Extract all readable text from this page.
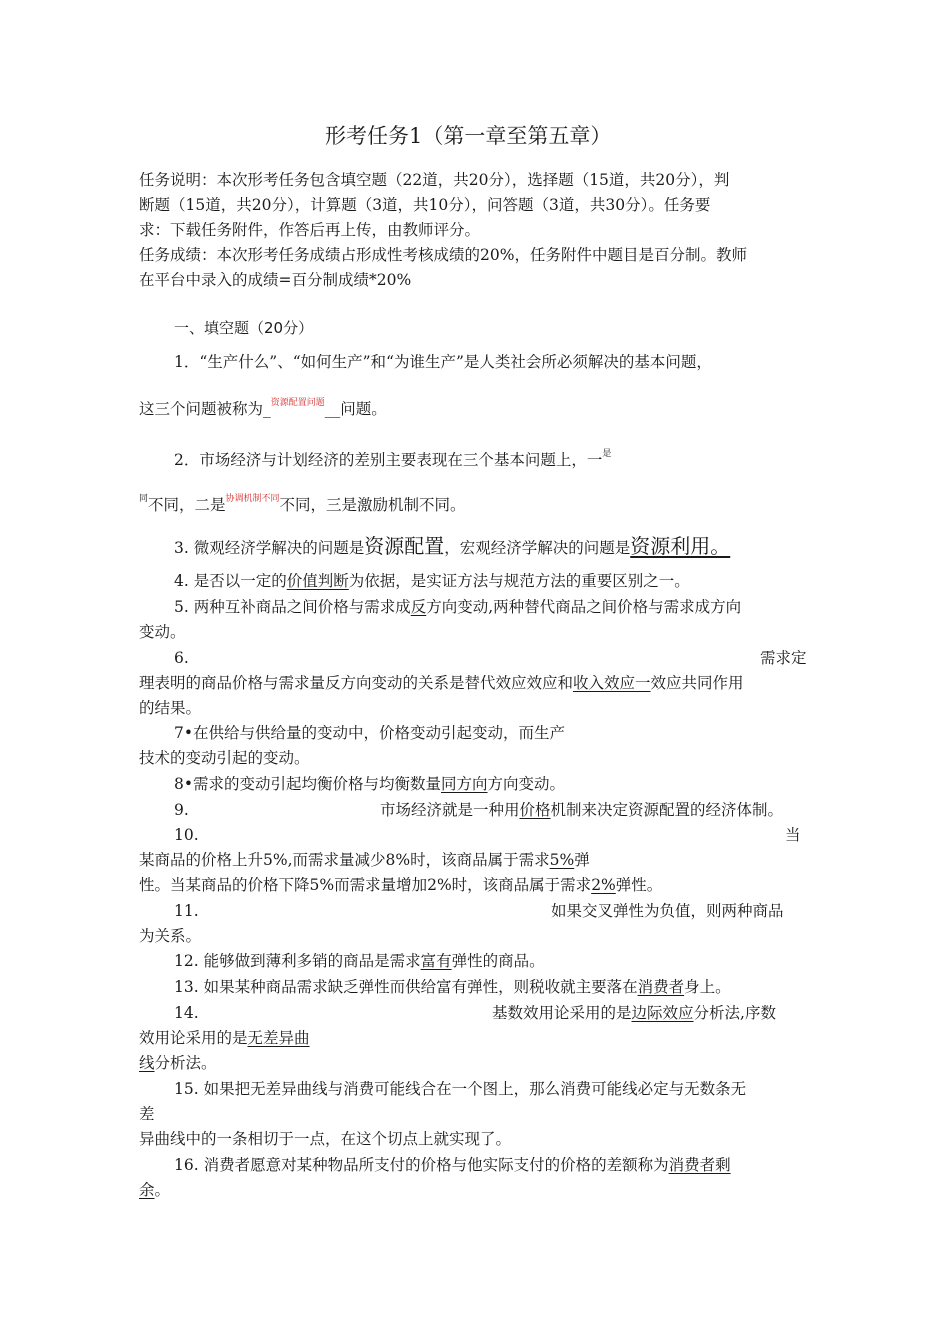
形考任务1（第一章至第五章）
任务说明：本次形考任务包含填空题（22道，共20分），选择题（15道，共20分），判
断题（15道，共20分），计算题（3道，共10分），问答题（3道，共30分）。任务要
求：下载任务附件，作答后再上传，由教师评分。
任务成绩：本次形考任务成绩占形成性考核成绩的20%，任务附件中题目是百分制。教师
在平台中录入的成绩=百分制成绩*20%
一、填空题（20分）
1．“生产什么”、“如何生产”和“为谁生产”是人类社会所必须解决的基本问题，
这三个问题被称为_$^{资源配置问题}$__问题。
2．市场经济与计划经济的差别主要表现在三个基本问题上，一$^是$
$^同$不同，二是$^{协调机制不同}$不同，三是激励机制不同。
3. 微观经济学解决的问题是资源配置，宏观经济学解决的问题是资源利用。
4. 是否以一定的价值判断为依据，是实证方法与规范方法的重要区别之一。
5. 两种互补商品之间价格与需求成反方向变动,两种替代商品之间价格与需求成方向
变动。
6.	需求定
理表明的商品价格与需求量反方向变动的关系是替代效应效应和收入效应一效应共同作用
的结果。
7•在供给与供给量的变动中，价格变动引起变动，而生产
技术的变动引起的变动。
8•需求的变动引起均衡价格与均衡数量同方向方向变动。
9.	市场经济就是一种用价格机制来决定资源配置的经济体制。
10.	当
某商品的价格上升5%,而需求量减少8%时，该商品属于需求5%弹
性。当某商品的价格下降5%而需求量增加2%时，该商品属于需求2%弹性。
11.	如果交叉弹性为负值，则两种商品
为关系。
12. 能够做到薄利多销的商品是需求富有弹性的商品。
13. 如果某种商品需求缺乏弹性而供给富有弹性，则税收就主要落在消费者身上。
14.	基数效用论采用的是边际效应分析法,序数
效用论采用的是无差异曲
线分析法。
15. 如果把无差异曲线与消费可能线合在一个图上，那么消费可能线必定与无数条无
差
异曲线中的一条相切于一点，在这个切点上就实现了。
16. 消费者愿意对某种物品所支付的价格与他实际支付的价格的差额称为消费者剩
余。
